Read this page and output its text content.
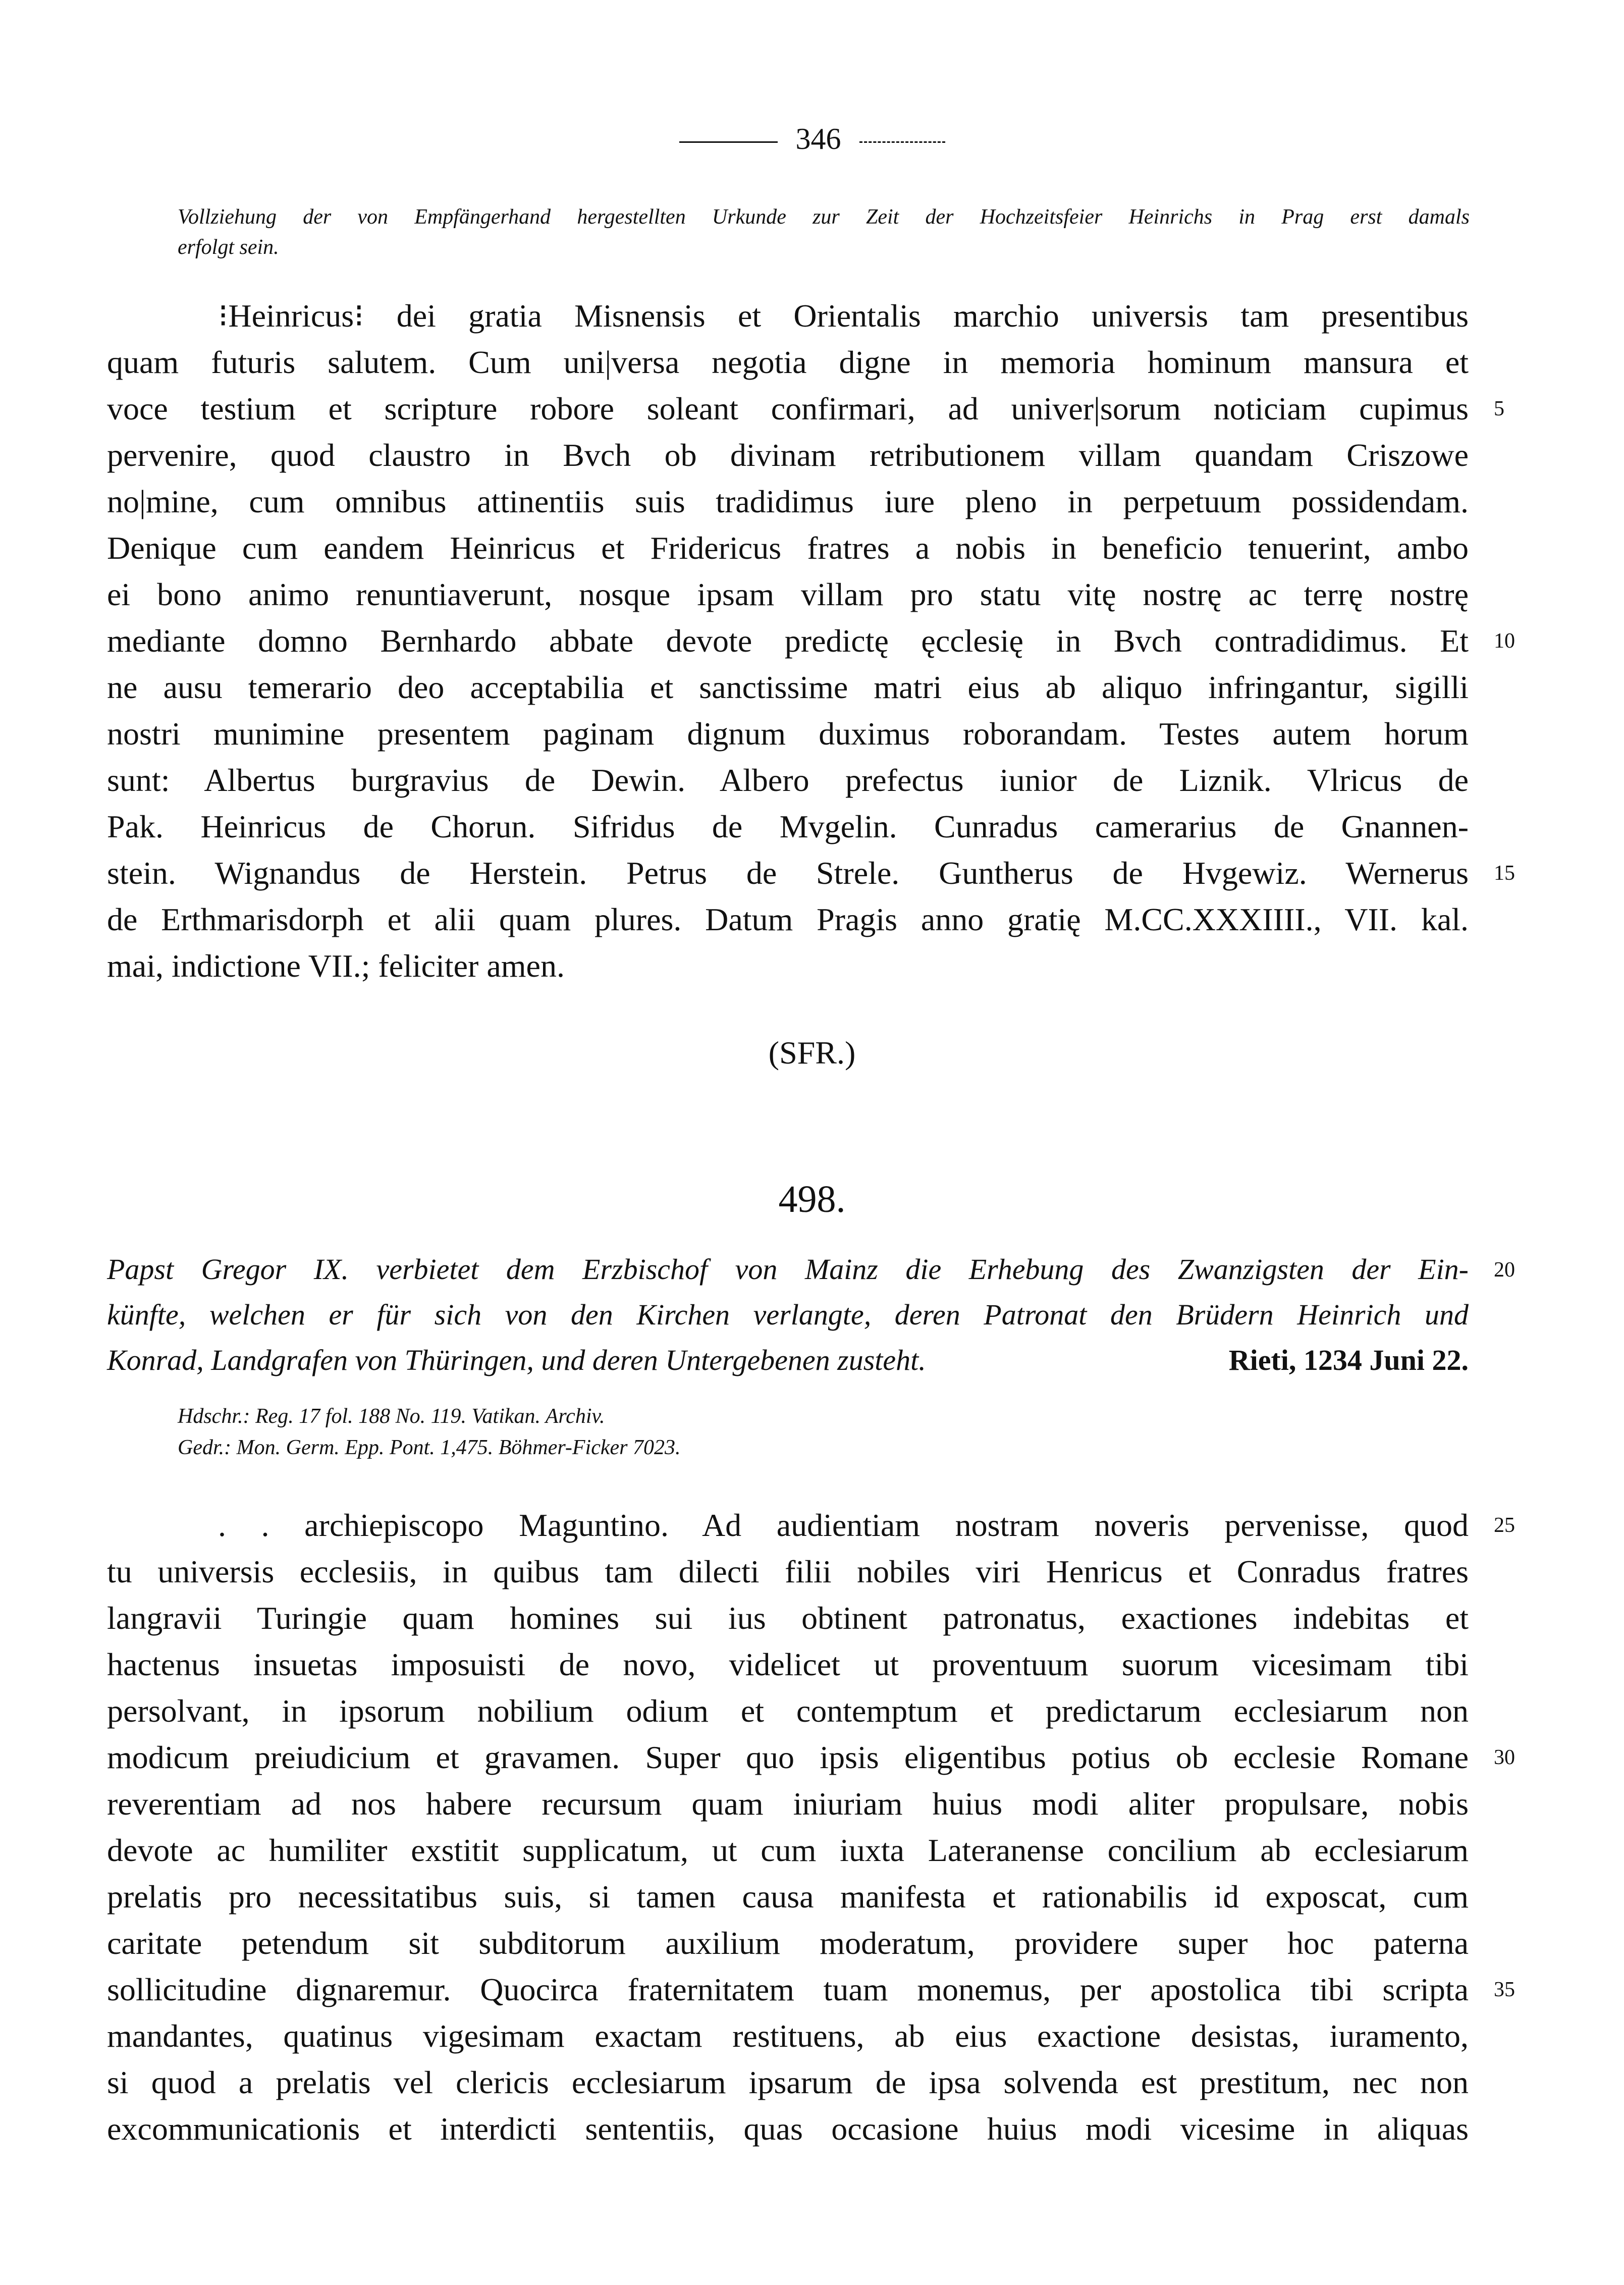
346
Vollziehung der von Empfängerhand hergestellten Urkunde zur Zeit der Hochzeitsfeier Heinrichs in Prag erst damals
erfolgt sein.
⁝Heinricus⁝ dei gratia Misnensis et Orientalis marchio universis tam presentibus
quam futuris salutem. Cum uni|versa negotia digne in memoria hominum mansura et
voce testium et scripture robore soleant confirmari, ad univer|sorum noticiam cupimus
pervenire, quod claustro in Bvch ob divinam retributionem villam quandam Criszowe
no|mine, cum omnibus attinentiis suis tradidimus iure pleno in perpetuum possidendam.
Denique cum eandem Heinricus et Fridericus fratres a nobis in beneficio tenuerint, ambo
ei bono animo renuntiaverunt, nosque ipsam villam pro statu vitę nostrę ac terrę nostrę
mediante domno Bernhardo abbate devote predictę ęcclesię in Bvch contradidimus. Et
ne ausu temerario deo acceptabilia et sanctissime matri eius ab aliquo infringantur, sigilli
nostri munimine presentem paginam dignum duximus roborandam. Testes autem horum
sunt: Albertus burgravius de Dewin. Albero prefectus iunior de Liznik. Vlricus de
Pak. Heinricus de Chorun. Sifridus de Mvgelin. Cunradus camerarius de Gnannen-
stein. Wignandus de Herstein. Petrus de Strele. Guntherus de Hvgewiz. Wernerus
de Erthmarisdorph et alii quam plures. Datum Pragis anno gratię M.CC.XXXIIII., VII. kal.
mai, indictione VII.; feliciter amen.
5
10
15
(SFR.)
498.
Papst Gregor IX. verbietet dem Erzbischof von Mainz die Erhebung des Zwanzigsten der Ein-
künfte, welchen er für sich von den Kirchen verlangte, deren Patronat den Brüdern Heinrich und
Konrad, Landgrafen von Thüringen, und deren Untergebenen zusteht.	Rieti, 1234 Juni 22.
20
Hdschr.: Reg. 17 fol. 188 No. 119. Vatikan. Archiv.
Gedr.: Mon. Germ. Epp. Pont. 1,475. Böhmer-Ficker 7023.
. . archiepiscopo Maguntino. Ad audientiam nostram noveris pervenisse, quod
tu universis ecclesiis, in quibus tam dilecti filii nobiles viri Henricus et Conradus fratres
langravii Turingie quam homines sui ius obtinent patronatus, exactiones indebitas et
hactenus insuetas imposuisti de novo, videlicet ut proventuum suorum vicesimam tibi
persolvant, in ipsorum nobilium odium et contemptum et predictarum ecclesiarum non
modicum preiudicium et gravamen. Super quo ipsis eligentibus potius ob ecclesie Romane
reverentiam ad nos habere recursum quam iniuriam huius modi aliter propulsare, nobis
devote ac humiliter exstitit supplicatum, ut cum iuxta Lateranense concilium ab ecclesiarum
prelatis pro necessitatibus suis, si tamen causa manifesta et rationabilis id exposcat, cum
caritate petendum sit subditorum auxilium moderatum, providere super hoc paterna
sollicitudine dignaremur. Quocirca fraternitatem tuam monemus, per apostolica tibi scripta
mandantes, quatinus vigesimam exactam restituens, ab eius exactione desistas, iuramento,
si quod a prelatis vel clericis ecclesiarum ipsarum de ipsa solvenda est prestitum, nec non
excommunicationis et interdicti sententiis, quas occasione huius modi vicesime in aliquas
25
30
35
